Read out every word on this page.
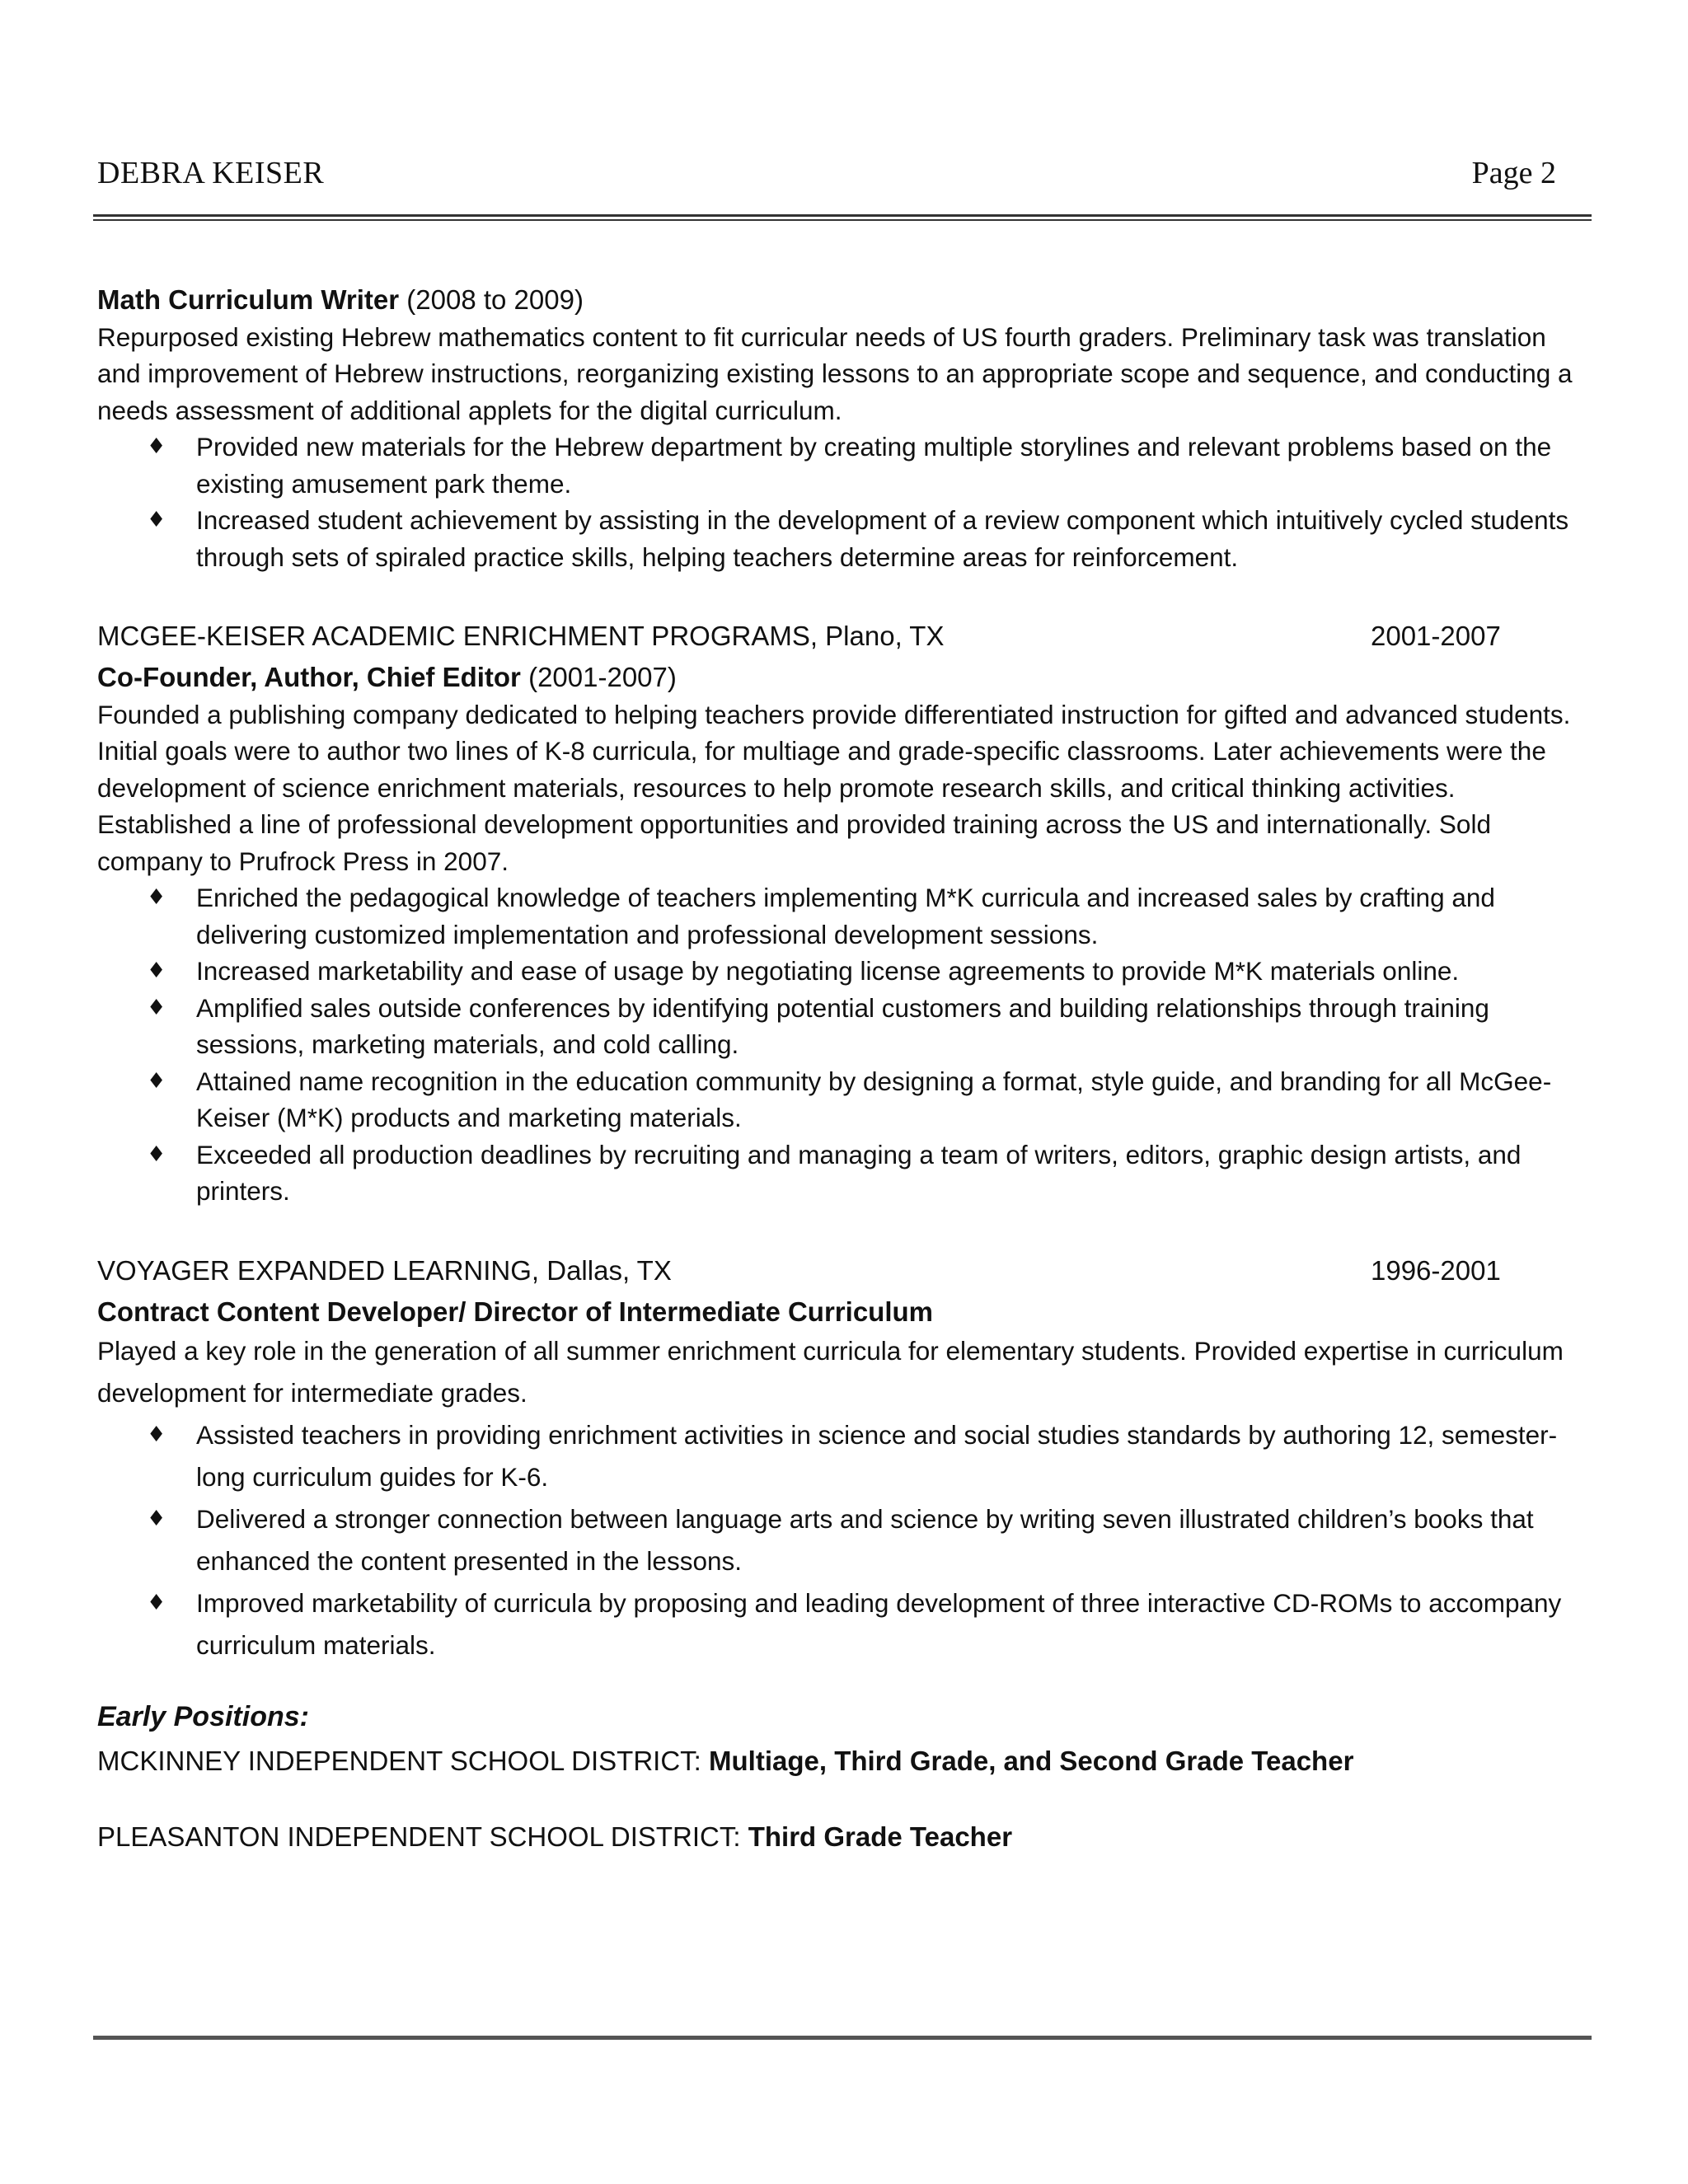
DEBRA KEISER	Page 2

Math Curriculum Writer (2008 to 2009)

Repurposed existing Hebrew mathematics content to fit curricular needs of US fourth graders. Preliminary task was translation and improvement of Hebrew instructions, reorganizing existing lessons to an appropriate scope and sequence, and conducting a needs assessment of additional applets for the digital curriculum.

♦ Provided new materials for the Hebrew department by creating multiple storylines and relevant problems based on the existing amusement park theme.
♦ Increased student achievement by assisting in the development of a review component which intuitively cycled students through sets of spiraled practice skills, helping teachers determine areas for reinforcement.
MCGEE-KEISER ACADEMIC ENRICHMENT PROGRAMS, Plano, TX	2001-2007

Co-Founder, Author, Chief Editor (2001-2007)

Founded a publishing company dedicated to helping teachers provide differentiated instruction for gifted and advanced students. Initial goals were to author two lines of K-8 curricula, for multiage and grade-specific classrooms. Later achievements were the development of science enrichment materials, resources to help promote research skills, and critical thinking activities. Established a line of professional development opportunities and provided training across the US and internationally. Sold company to Prufrock Press in 2007.

♦ Enriched the pedagogical knowledge of teachers implementing M*K curricula and increased sales by crafting and delivering customized implementation and professional development sessions.
♦ Increased marketability and ease of usage by negotiating license agreements to provide M*K materials online.
♦ Amplified sales outside conferences by identifying potential customers and building relationships through training sessions, marketing materials, and cold calling.
♦ Attained name recognition in the education community by designing a format, style guide, and branding for all McGee-Keiser (M*K) products and marketing materials.
♦ Exceeded all production deadlines by recruiting and managing a team of writers, editors, graphic design artists, and printers.
VOYAGER EXPANDED LEARNING, Dallas, TX	1996-2001

Contract Content Developer/ Director of Intermediate Curriculum

Played a key role in the generation of all summer enrichment curricula for elementary students. Provided expertise in curriculum development for intermediate grades.

♦ Assisted teachers in providing enrichment activities in science and social studies standards by authoring 12, semester-long curriculum guides for K-6.
♦ Delivered a stronger connection between language arts and science by writing seven illustrated children’s books that enhanced the content presented in the lessons.
♦ Improved marketability of curricula by proposing and leading development of three interactive CD-ROMs to accompany curriculum materials.

Early Positions:

MCKINNEY INDEPENDENT SCHOOL DISTRICT: Multiage, Third Grade, and Second Grade Teacher

PLEASANTON INDEPENDENT SCHOOL DISTRICT: Third Grade Teacher
